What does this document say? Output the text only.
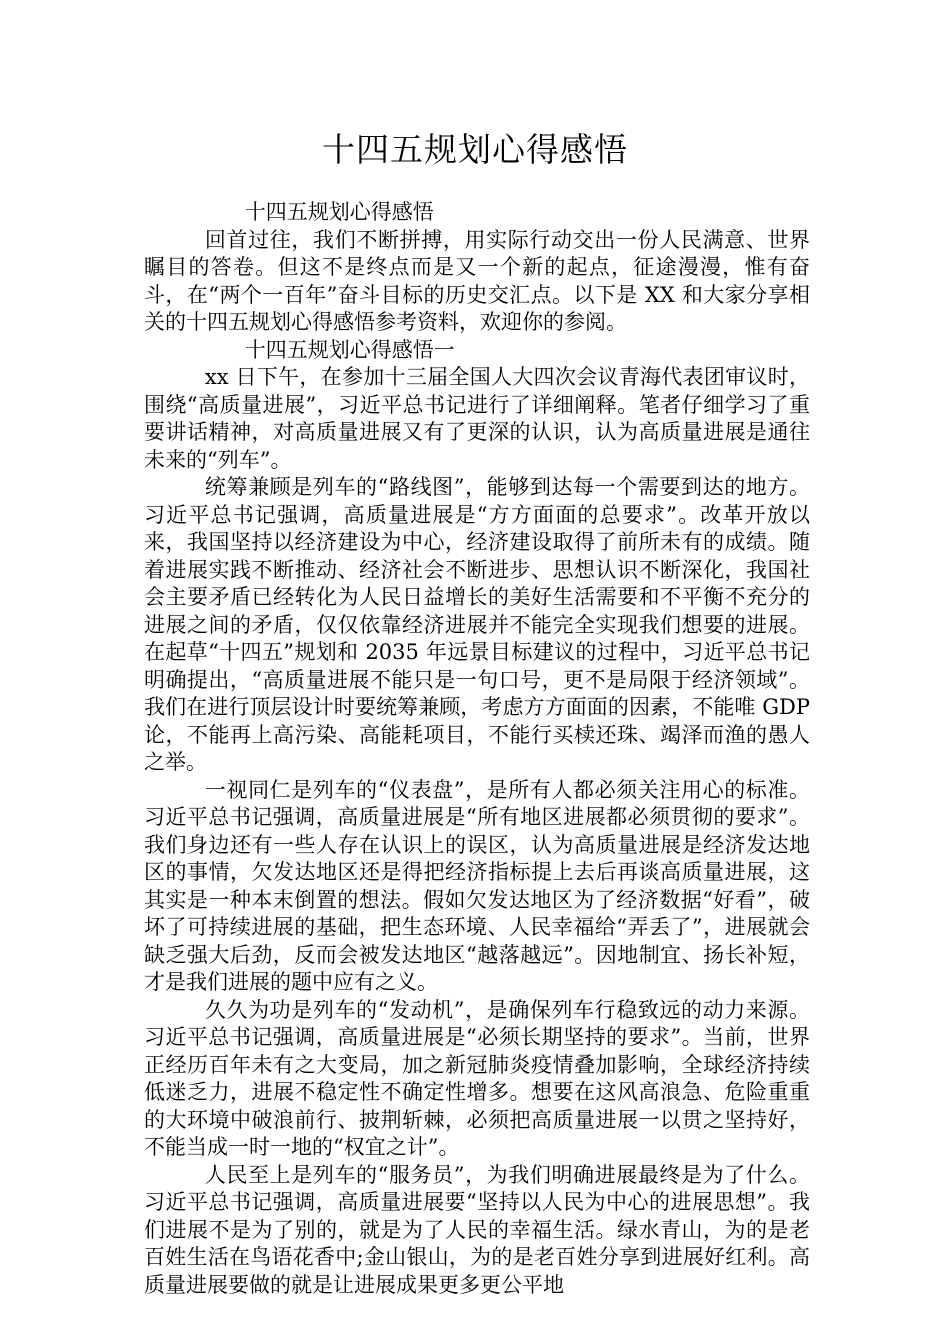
十四五规划心得感悟

十四五规划心得感悟

回首过往，我们不断拼搏，用实际行动交出一份人民满意、世界瞩目的答卷。但这不是终点而是又一个新的起点，征途漫漫，惟有奋斗，在“两个一百年”奋斗目标的历史交汇点。以下是 XX 和大家分享相关的十四五规划心得感悟参考资料，欢迎你的参阅。

十四五规划心得感悟一

xx 日下午，在参加十三届全国人大四次会议青海代表团审议时，围绕“高质量进展”，习近平总书记进行了详细阐释。笔者仔细学习了重要讲话精神，对高质量进展又有了更深的认识，认为高质量进展是通往未来的“列车”。

统筹兼顾是列车的“路线图”，能够到达每一个需要到达的地方。习近平总书记强调，高质量进展是“方方面面的总要求”。改革开放以来，我国坚持以经济建设为中心，经济建设取得了前所未有的成绩。随着进展实践不断推动、经济社会不断进步、思想认识不断深化，我国社会主要矛盾已经转化为人民日益增长的美好生活需要和不平衡不充分的进展之间的矛盾，仅仅依靠经济进展并不能完全实现我们想要的进展。在起草“十四五”规划和 2035 年远景目标建议的过程中，习近平总书记明确提出，“高质量进展不能只是一句口号，更不是局限于经济领域”。我们在进行顶层设计时要统筹兼顾，考虑方方面面的因素，不能唯 GDP 论，不能再上高污染、高能耗项目，不能行买椟还珠、竭泽而渔的愚人之举。

一视同仁是列车的“仪表盘”，是所有人都必须关注用心的标准。习近平总书记强调，高质量进展是“所有地区进展都必须贯彻的要求”。我们身边还有一些人存在认识上的误区，认为高质量进展是经济发达地区的事情，欠发达地区还是得把经济指标提上去后再谈高质量进展，这其实是一种本末倒置的想法。假如欠发达地区为了经济数据“好看”，破坏了可持续进展的基础，把生态环境、人民幸福给“弄丢了”，进展就会缺乏强大后劲，反而会被发达地区“越落越远”。因地制宜、扬长补短，才是我们进展的题中应有之义。

久久为功是列车的“发动机”，是确保列车行稳致远的动力来源。习近平总书记强调，高质量进展是“必须长期坚持的要求”。当前，世界正经历百年未有之大变局，加之新冠肺炎疫情叠加影响，全球经济持续低迷乏力，进展不稳定性不确定性增多。想要在这风高浪急、危险重重的大环境中破浪前行、披荆斩棘，必须把高质量进展一以贯之坚持好，不能当成一时一地的“权宜之计”。

人民至上是列车的“服务员”，为我们明确进展最终是为了什么。习近平总书记强调，高质量进展要“坚持以人民为中心的进展思想”。我们进展不是为了别的，就是为了人民的幸福生活。绿水青山，为的是老百姓生活在鸟语花香中;金山银山，为的是老百姓分享到进展好红利。高质量进展要做的就是让进展成果更多更公平地
